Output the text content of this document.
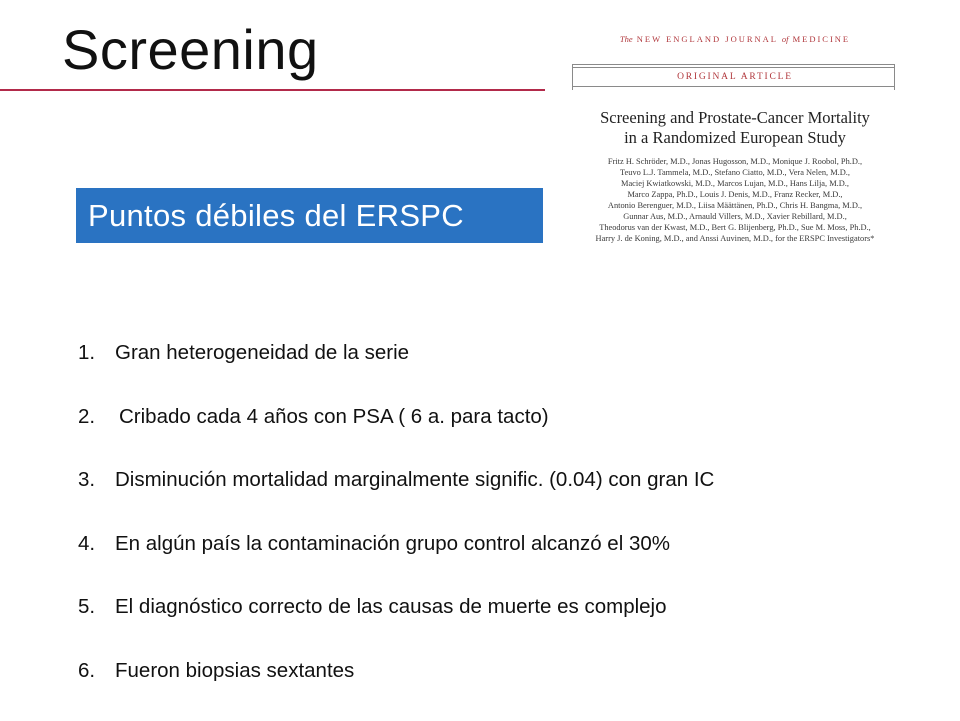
Screening
Puntos débiles del ERSPC
The NEW ENGLAND JOURNAL of MEDICINE
ORIGINAL ARTICLE
Screening and Prostate-Cancer Mortality
in a Randomized European Study
Fritz H. Schröder, M.D., Jonas Hugosson, M.D., Monique J. Roobol, Ph.D.,
Teuvo L.J. Tammela, M.D., Stefano Ciatto, M.D., Vera Nelen, M.D.,
Maciej Kwiatkowski, M.D., Marcos Lujan, M.D., Hans Lilja, M.D.,
Marco Zappa, Ph.D., Louis J. Denis, M.D., Franz Recker, M.D.,
Antonio Berenguer, M.D., Liisa Määttänen, Ph.D., Chris H. Bangma, M.D.,
Gunnar Aus, M.D., Arnauld Villers, M.D., Xavier Rebillard, M.D.,
Theodorus van der Kwast, M.D., Bert G. Blijenberg, Ph.D., Sue M. Moss, Ph.D.,
Harry J. de Koning, M.D., and Anssi Auvinen, M.D., for the ERSPC Investigators*
1. Gran heterogeneidad de la serie
2.	Cribado cada 4 años con PSA ( 6 a. para tacto)
3. Disminución mortalidad marginalmente signific. (0.04) con gran IC
4. En algún país la contaminación grupo control alcanzó el 30%
5. El diagnóstico correcto de las causas de muerte es complejo
6. Fueron biopsias sextantes
